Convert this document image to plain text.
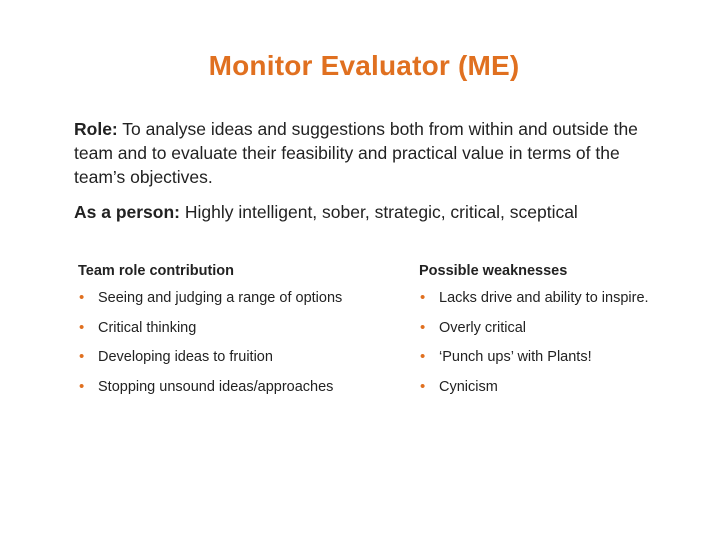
Monitor Evaluator (ME)
Role: To analyse ideas and suggestions both from within and outside the team and to evaluate their feasibility and practical value in terms of the team’s objectives.
As a person: Highly intelligent, sober, strategic, critical, sceptical
Team role contribution
• Seeing and judging a range of options
• Critical thinking
• Developing ideas to fruition
• Stopping unsound ideas/approaches
Possible weaknesses
• Lacks drive and ability to inspire.
• Overly critical
• ‘Punch ups’ with Plants!
• Cynicism
